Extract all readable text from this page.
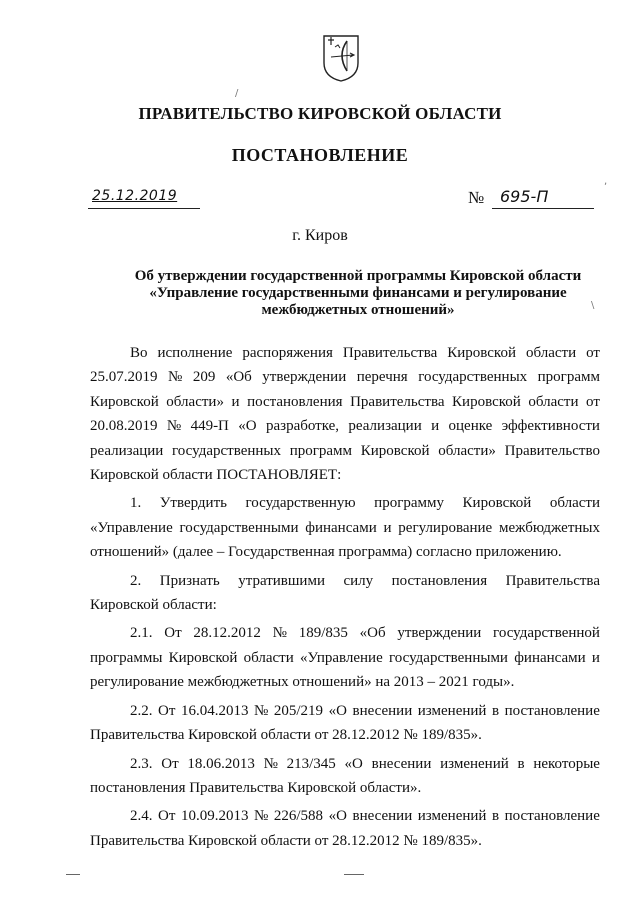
ПРАВИТЕЛЬСТВО КИРОВСКОЙ ОБЛАСТИ
ПОСТАНОВЛЕНИЕ
25.12.2019	№ 695-П
г. Киров
Об утверждении государственной программы Кировской области
«Управление государственными финансами и регулирование
межбюджетных отношений»
Во исполнение распоряжения Правительства Кировской области от
25.07.2019 № 209 «Об утверждении перечня государственных программ
Кировской области» и постановления Правительства Кировской области от
20.08.2019 № 449-П «О разработке, реализации и оценке эффективности
реализации государственных программ Кировской области» Правительство
Кировской области ПОСТАНОВЛЯЕТ:
1. Утвердить государственную программу Кировской области
«Управление государственными финансами и регулирование межбюджетных
отношений» (далее – Государственная программа) согласно приложению.
2. Признать утратившими силу постановления Правительства
Кировской области:
2.1. От 28.12.2012 № 189/835 «Об утверждении государственной
программы Кировской области «Управление государственными финансами и
регулирование межбюджетных отношений» на 2013 – 2021 годы».
2.2. От 16.04.2013 № 205/219 «О внесении изменений в постановление
Правительства Кировской области от 28.12.2012 № 189/835».
2.3. От 18.06.2013 № 213/345 «О внесении изменений в некоторые
постановления Правительства Кировской области».
2.4. От 10.09.2013 № 226/588 «О внесении изменений в постановление
Правительства Кировской области от 28.12.2012 № 189/835».
/
,
\
